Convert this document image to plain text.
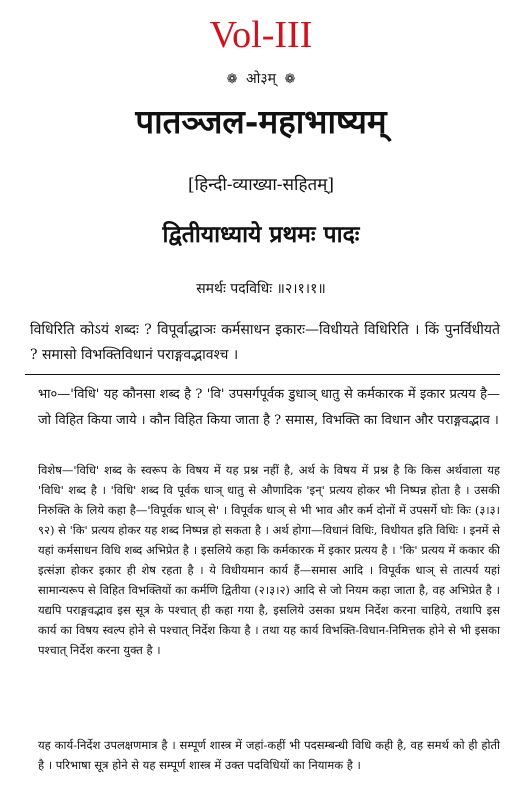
Vol-III
❁ ओ३म् ❁
पातञ्जल-महाभाष्यम्
[हिन्दी-व्याख्या-सहितम्]
द्वितीयाध्याये प्रथमः पादः
समर्थः पदविधिः ॥२।१।१॥
विधिरिति कोऽयं शब्दः ? विपूर्वाद्धाञः कर्मसाधन इकारः—विधीयते विधिरिति । किं पुनर्विधीयते ? समासो विभक्तिविधानं पराङ्गवद्भावश्च ।
भा०—'विधि' यह कौनसा शब्द है ? 'वि' उपसर्गपूर्वक डुधाञ् धातु से कर्मकारक में इकार प्रत्यय है—जो विहित किया जाये । कौन विहित किया जाता है ? समास, विभक्ति का विधान और पराङ्गवद्भाव ।
विशेष—'विधि' शब्द के स्वरूप के विषय में यह प्रश्न नहीं है, अर्थ के विषय में प्रश्न है कि किस अर्थवाला यह 'विधि' शब्द है । 'विधि' शब्द वि पूर्वक धाञ् धातु से औणादिक 'इन्' प्रत्यय होकर भी निष्पन्न होता है । उसकी निरुक्ति के लिये कहा है—'विपूर्वक धाञ् से' । विपूर्वक धाञ् से भी भाव और कर्म दोनों में उपसर्गे घोः किः (३।३।९२) से 'कि' प्रत्यय होकर यह शब्द निष्पन्न हो सकता है । अर्थ होगा—विधानं विधिः, विधीयत इति विधिः । इनमें से यहां कर्मसाधन विधि शब्द अभिप्रेत है । इसलिये कहा कि कर्मकारक में इकार प्रत्यय है । 'कि' प्रत्यय में ककार की इत्संज्ञा होकर इकार ही शेष रहता है । ये विधीयमान कार्य हैं—समास आदि । विपूर्वक धाञ् से तात्पर्य यहां सामान्यरूप से विहित विभक्तियों का कर्मणि द्वितीया (२।३।२) आदि से जो नियम कहा जाता है, वह अभिप्रेत है । यद्यपि पराङ्गवद्भाव इस सूत्र के पश्चात् ही कहा गया है, इसलिये उसका प्रथम निर्देश करना चाहिये, तथापि इस कार्य का विषय स्वल्प होने से पश्चात् निर्देश किया है । तथा यह कार्य विभक्ति-विधान-निमित्तक होने से भी इसका पश्चात् निर्देश करना युक्त है ।
यह कार्य-निर्देश उपलक्षणमात्र है । सम्पूर्ण शास्त्र में जहां-कहीं भी पदसम्बन्धी विधि कही है, वह समर्थ को ही होती है । परिभाषा सूत्र होने से यह सम्पूर्ण शास्त्र में उक्त पदविधियों का नियामक है ।
